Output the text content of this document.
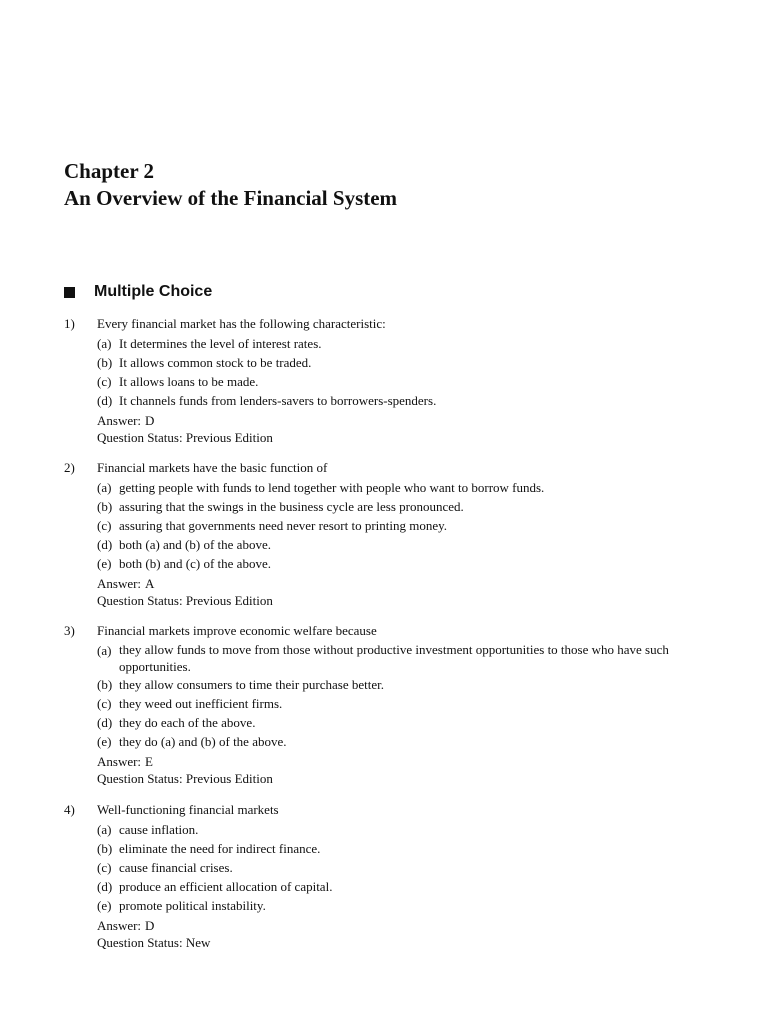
Chapter 2
An Overview of the Financial System
Multiple Choice
1)	Every financial market has the following characteristic:
(a) It determines the level of interest rates.
(b) It allows common stock to be traded.
(c) It allows loans to be made.
(d) It channels funds from lenders-savers to borrowers-spenders.
Answer: D
Question Status: Previous Edition
2)	Financial markets have the basic function of
(a) getting people with funds to lend together with people who want to borrow funds.
(b) assuring that the swings in the business cycle are less pronounced.
(c) assuring that governments need never resort to printing money.
(d) both (a) and (b) of the above.
(e) both (b) and (c) of the above.
Answer: A
Question Status: Previous Edition
3)	Financial markets improve economic welfare because
(a) they allow funds to move from those without productive investment opportunities to those who have such opportunities.
(b) they allow consumers to time their purchase better.
(c) they weed out inefficient firms.
(d) they do each of the above.
(e) they do (a) and (b) of the above.
Answer: E
Question Status: Previous Edition
4)	Well-functioning financial markets
(a) cause inflation.
(b) eliminate the need for indirect finance.
(c) cause financial crises.
(d) produce an efficient allocation of capital.
(e) promote political instability.
Answer: D
Question Status: New
